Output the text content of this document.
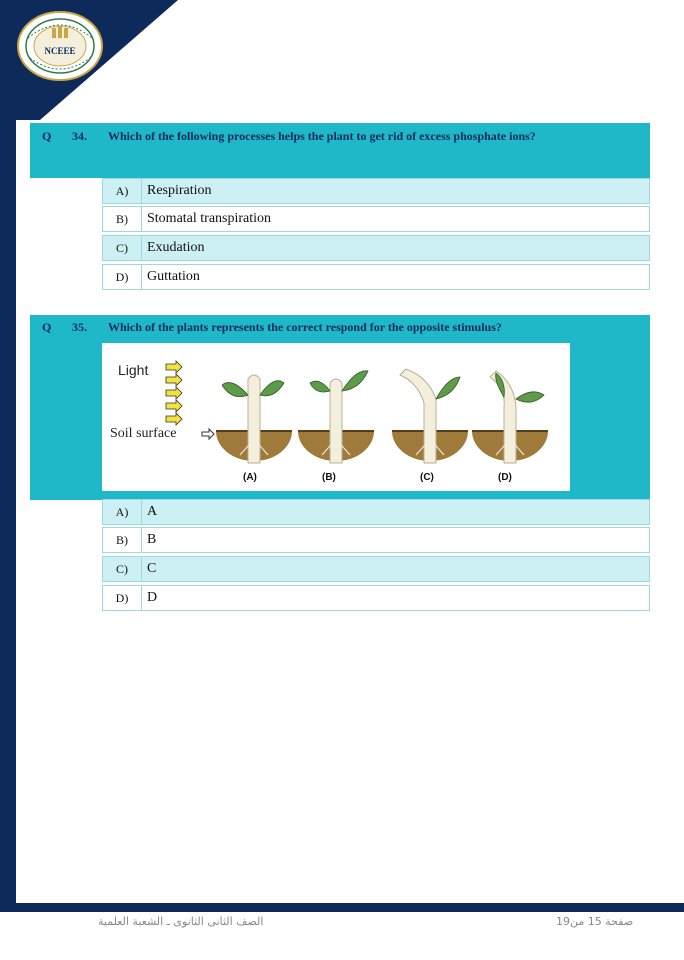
NCEEE
Q 34. Which of the following processes helps the plant to get rid of excess phosphate ions?
A)	Respiration
B)	Stomatal transpiration
C)	Exudation
D)	Guttation
Q 35. Which of the plants represents the correct respond for the opposite stimulus?
Light
Soil surface
(A)	(B)	(C)	(D)
A)	A
B)	B
C)	C
D)	D
الصف الثانى الثانوى ـ الشعبة العلمية	صفحة 15 من19
